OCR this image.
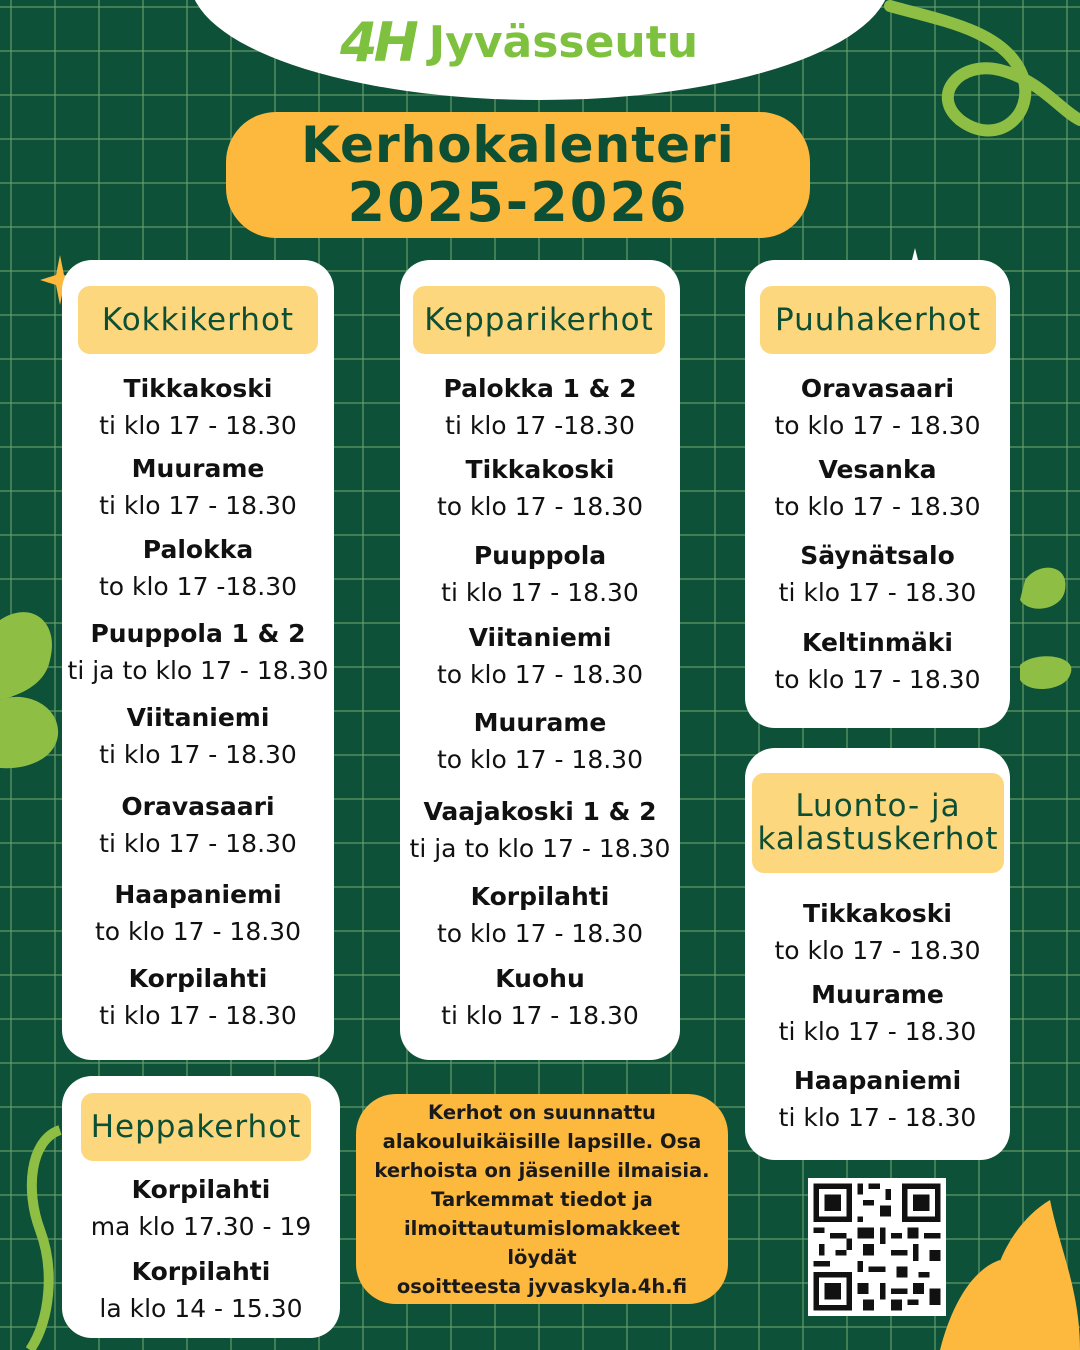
4H Jyvässeutu
Kerhokalenteri
2025-2026
Kokkikerhot
Tikkakoski
ti klo 17 - 18.30
Muurame
ti klo 17 - 18.30
Palokka
to klo 17 -18.30
Puuppola 1 & 2
ti ja to klo 17 - 18.30
Viitaniemi
ti klo 17 - 18.30
Oravasaari
ti klo 17 - 18.30
Haapaniemi
to klo 17 - 18.30
Korpilahti
ti klo 17 - 18.30
Kepparikerhot
Palokka 1 & 2
ti klo 17 -18.30
Tikkakoski
to klo 17 - 18.30
Puuppola
ti klo 17 - 18.30
Viitaniemi
to klo 17 - 18.30
Muurame
to klo 17 - 18.30
Vaajakoski 1 & 2
ti ja to klo 17 - 18.30
Korpilahti
to klo 17 - 18.30
Kuohu
ti klo 17 - 18.30
Puuhakerhot
Oravasaari
to klo 17 - 18.30
Vesanka
to klo 17 - 18.30
Säynätsalo
ti klo 17 - 18.30
Keltinmäki
to klo 17 - 18.30
Luonto- ja
kalastuskerhot
Tikkakoski
to klo 17 - 18.30
Muurame
ti klo 17 - 18.30
Haapaniemi
ti klo 17 - 18.30
Heppakerhot
Korpilahti
ma klo 17.30 - 19
Korpilahti
la klo 14 - 15.30
Kerhot on suunnattu
alakouluikäisille lapsille. Osa
kerhoista on jäsenille ilmaisia.
Tarkemmat tiedot ja
ilmoittautumislomakkeet löydät
osoitteesta jyvaskyla.4h.fi
